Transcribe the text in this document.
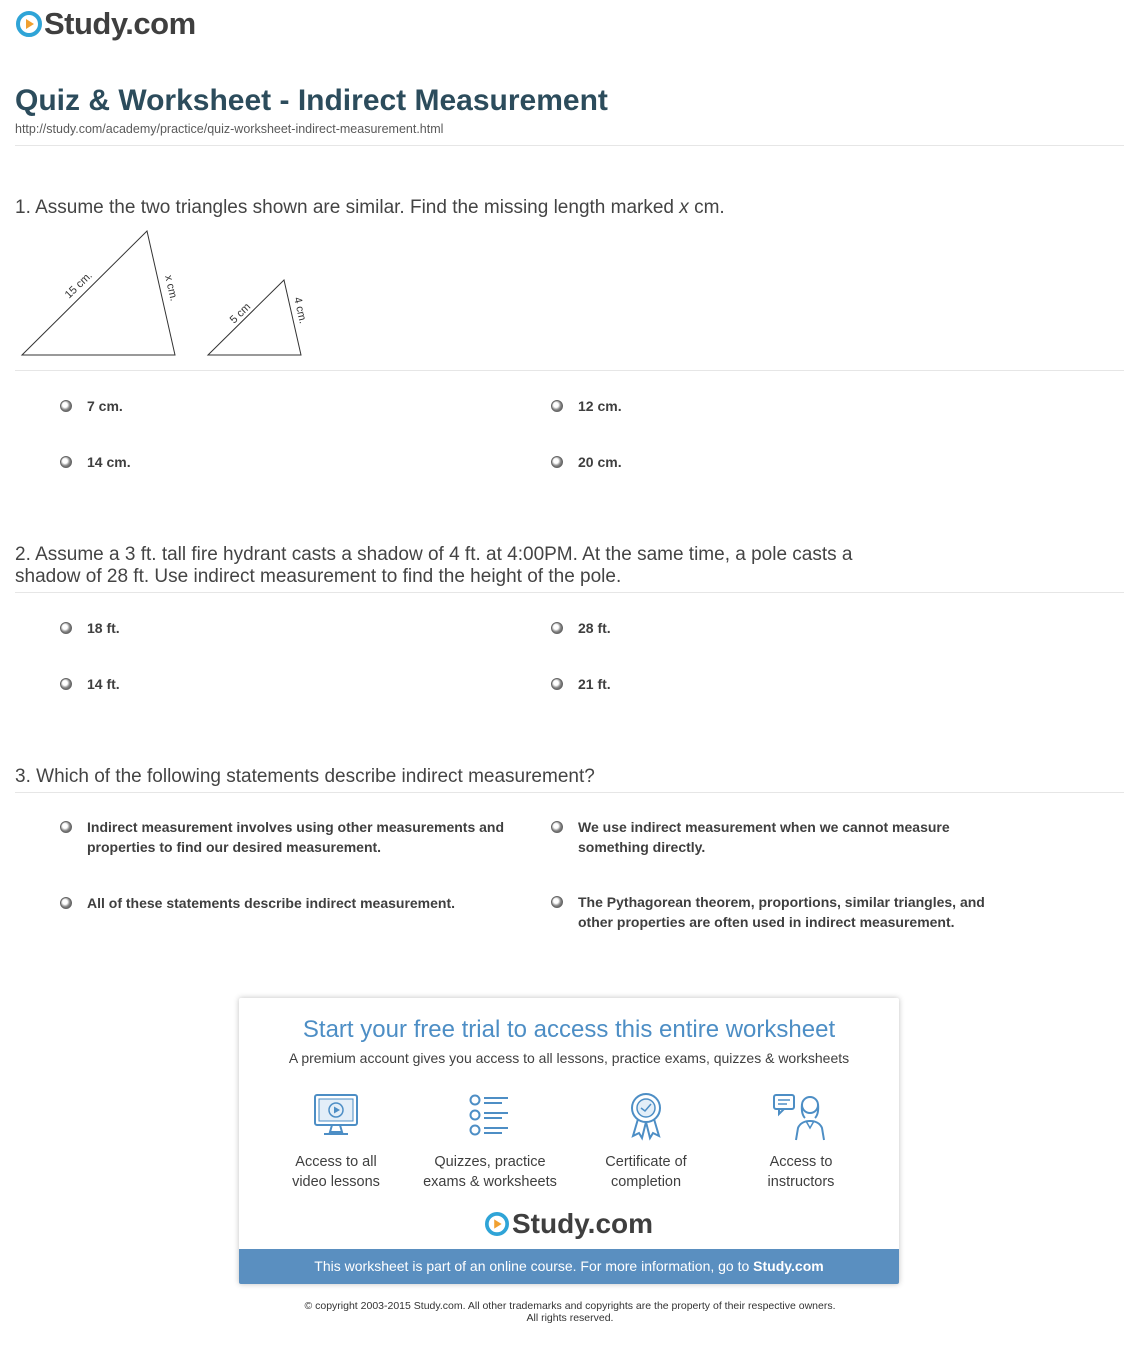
Study.com
Quiz & Worksheet - Indirect Measurement
http://study.com/academy/practice/quiz-worksheet-indirect-measurement.html
1. Assume the two triangles shown are similar. Find the missing length marked x cm.
15 cm.	x cm.
5 cm	4 cm.
7 cm.	12 cm.
14 cm.	20 cm.
2. Assume a 3 ft. tall fire hydrant casts a shadow of 4 ft. at 4:00PM. At the same time, a pole casts a
shadow of 28 ft. Use indirect measurement to find the height of the pole.
18 ft.	28 ft.
14 ft.	21 ft.
3. Which of the following statements describe indirect measurement?
Indirect measurement involves using other measurements and
properties to find our desired measurement.
We use indirect measurement when we cannot measure
something directly.
All of these statements describe indirect measurement.	The Pythagorean theorem, proportions, similar triangles, and
other properties are often used in indirect measurement.
Start your free trial to access this entire worksheet
A premium account gives you access to all lessons, practice exams, quizzes & worksheets
Access to all
video lessons
Quizzes, practice
exams & worksheets
Certificate of
completion
Access to
instructors
Study.com
This worksheet is part of an online course. For more information, go to Study.com
© copyright 2003-2015 Study.com. All other trademarks and copyrights are the property of their respective owners.
All rights reserved.
